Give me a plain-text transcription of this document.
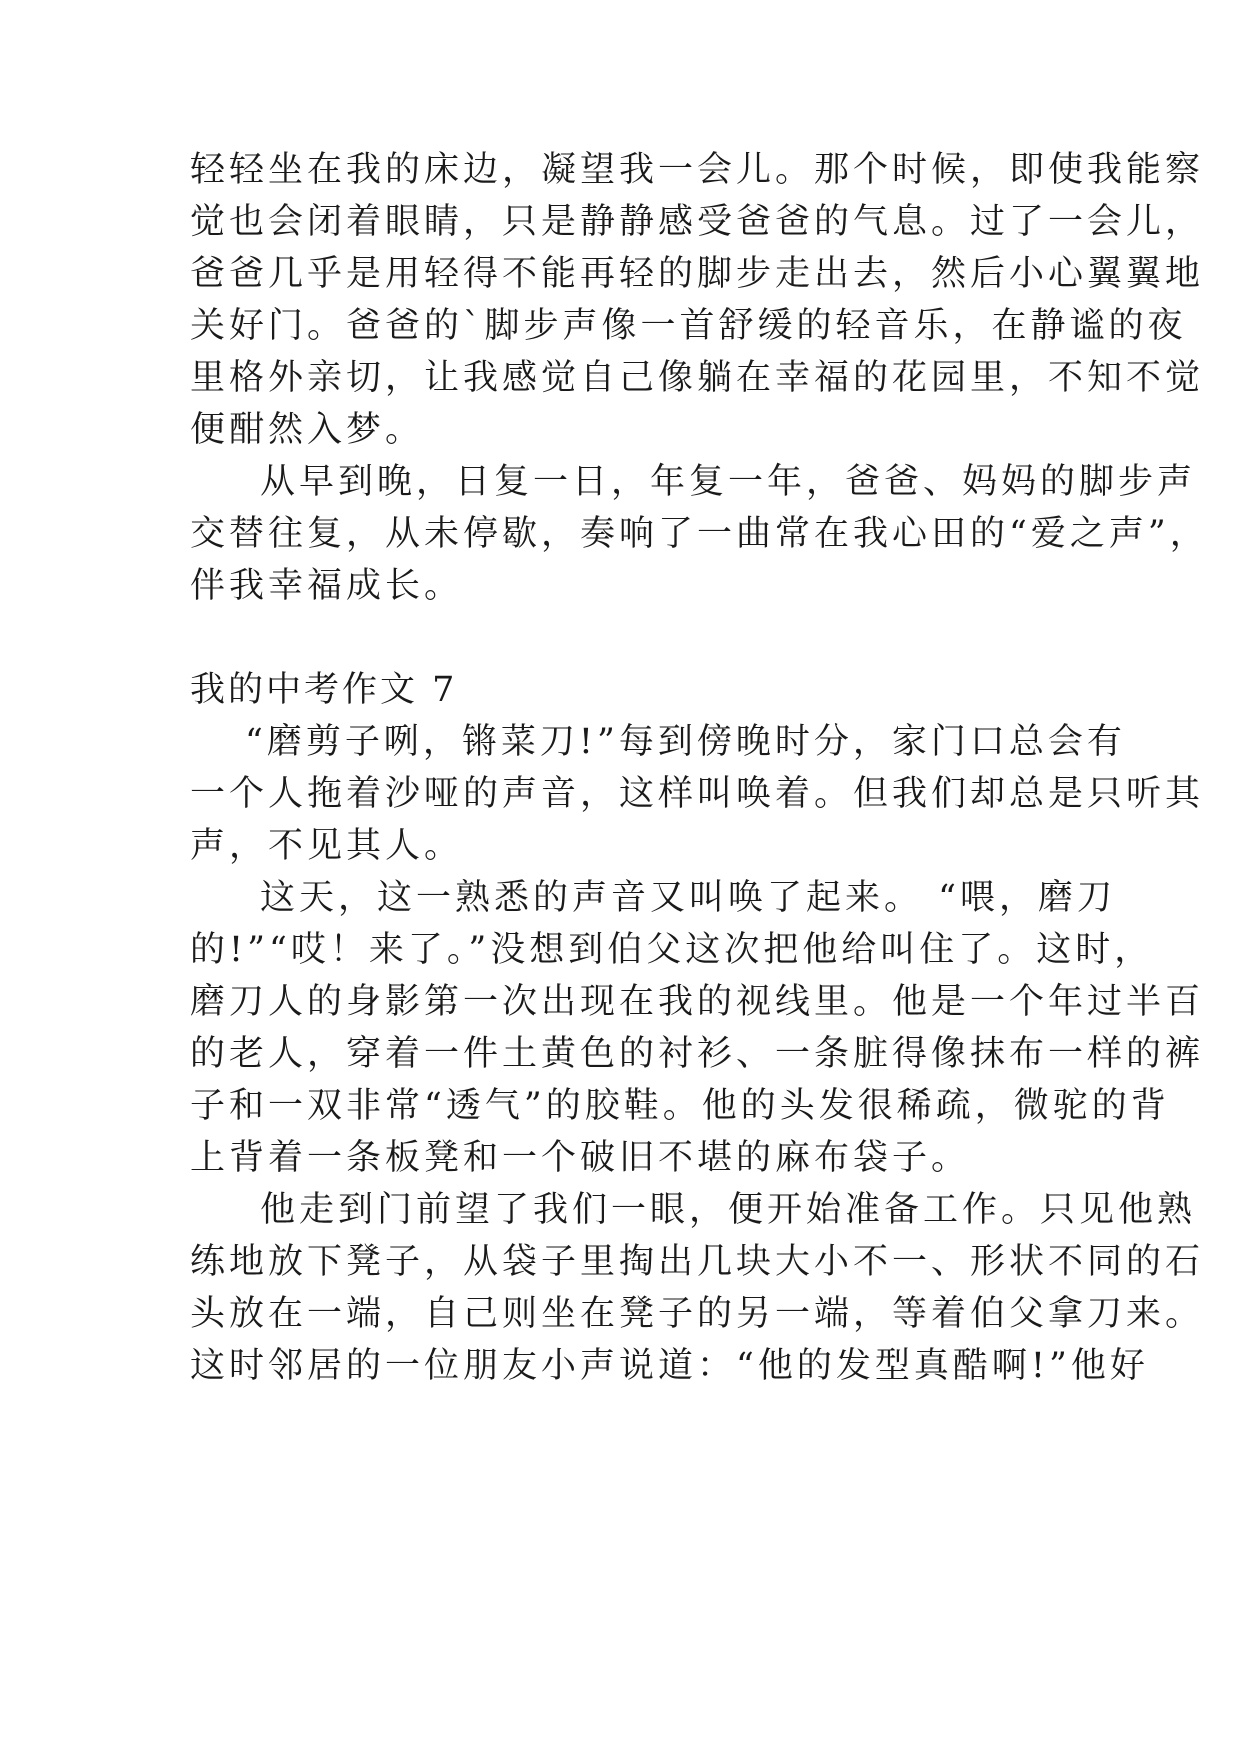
轻轻坐在我的床边，凝望我一会儿。那个时候，即使我能察
觉也会闭着眼睛，只是静静感受爸爸的气息。过了一会儿，
爸爸几乎是用轻得不能再轻的脚步走出去，然后小心翼翼地
关好门。爸爸的`脚步声像一首舒缓的轻音乐，在静谧的夜
里格外亲切，让我感觉自己像躺在幸福的花园里，不知不觉
便酣然入梦。
从早到晚，日复一日，年复一年，爸爸、妈妈的脚步声
交替往复，从未停歇，奏响了一曲常在我心田的“爱之声”，
伴我幸福成长。
我的中考作文 7
“磨剪子咧，锵菜刀!”每到傍晚时分，家门口总会有
一个人拖着沙哑的声音，这样叫唤着。但我们却总是只听其
声，不见其人。
这天，这一熟悉的声音又叫唤了起来。 “喂，磨刀
的!”“哎！来了。”没想到伯父这次把他给叫住了。这时，
磨刀人的身影第一次出现在我的视线里。他是一个年过半百
的老人，穿着一件土黄色的衬衫、一条脏得像抹布一样的裤
子和一双非常“透气”的胶鞋。他的头发很稀疏，微驼的背
上背着一条板凳和一个破旧不堪的麻布袋子。
他走到门前望了我们一眼，便开始准备工作。只见他熟
练地放下凳子，从袋子里掏出几块大小不一、形状不同的石
头放在一端，自己则坐在凳子的另一端，等着伯父拿刀来。
这时邻居的一位朋友小声说道：“他的发型真酷啊!”他好
